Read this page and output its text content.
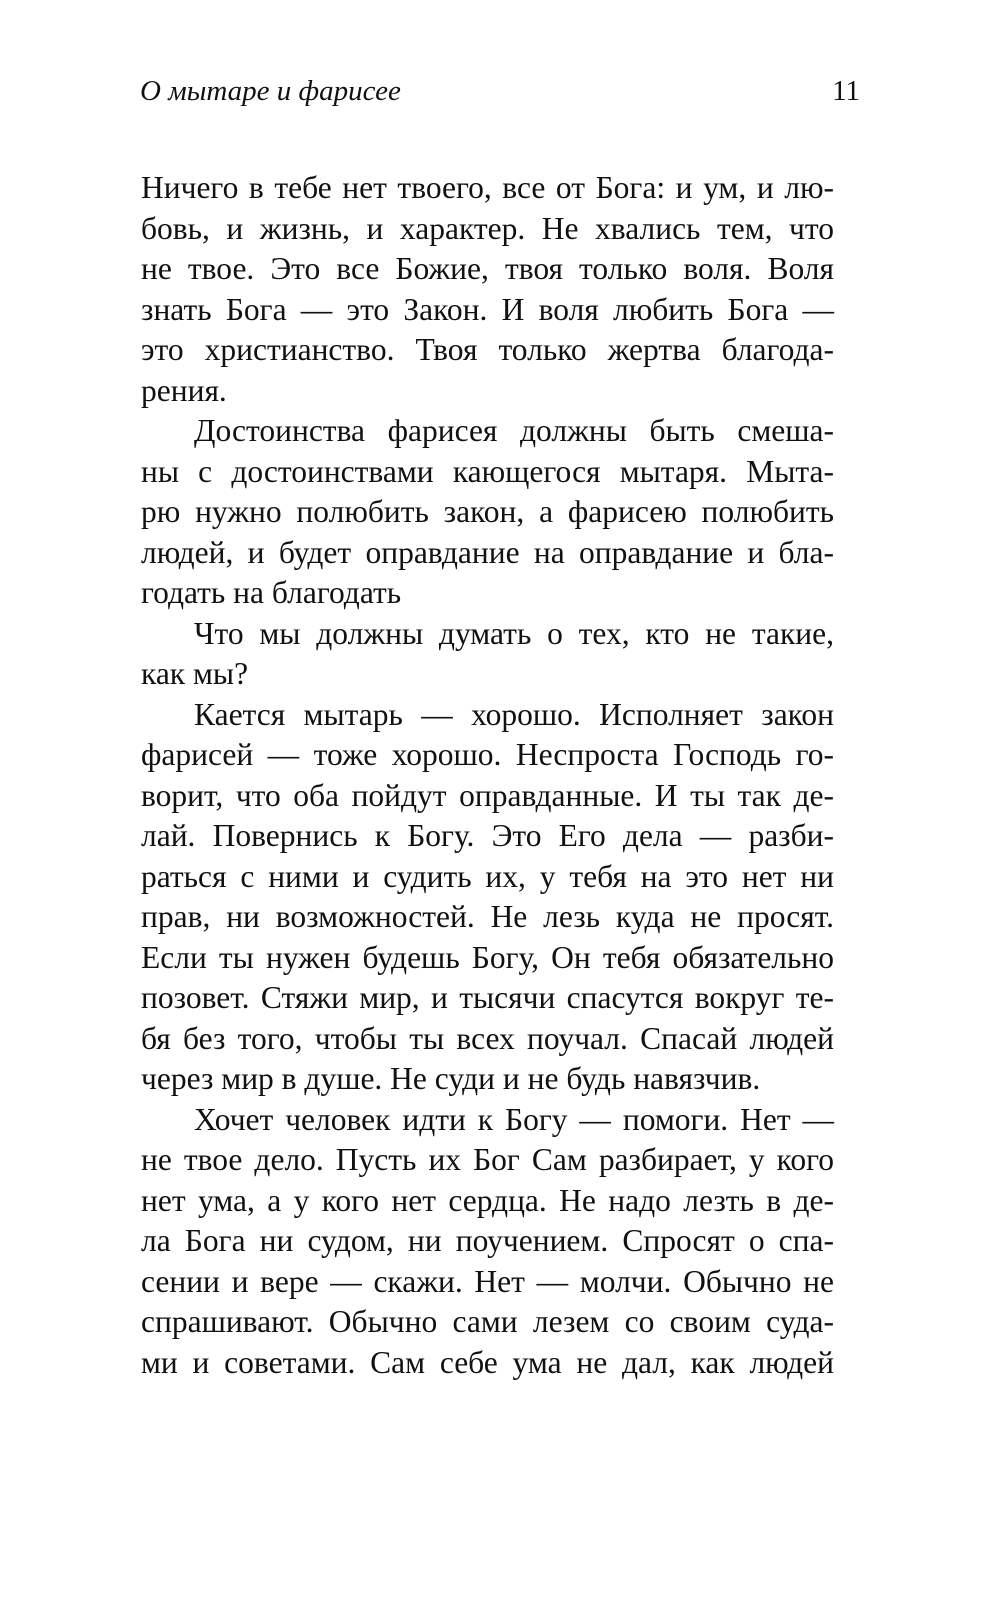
О мытаре и фарисее	11
Ничего в тебе нет твоего, все от Бога: и ум, и лю-
бовь, и жизнь, и характер. Не хвались тем, что
не твое. Это все Божие, твоя только воля. Воля
знать Бога — это Закон. И воля любить Бога —
это христианство. Твоя только жертва благода-
рения.
Достоинства фарисея должны быть смеша-
ны с достоинствами кающегося мытаря. Мыта-
рю нужно полюбить закон, а фарисею полюбить
людей, и будет оправдание на оправдание и бла-
годать на благодать
Что мы должны думать о тех, кто не такие,
как мы?
Кается мытарь — хорошо. Исполняет закон
фарисей — тоже хорошо. Неспроста Господь го-
ворит, что оба пойдут оправданные. И ты так де-
лай. Повернись к Богу. Это Его дела — разби-
раться с ними и судить их, у тебя на это нет ни
прав, ни возможностей. Не лезь куда не просят.
Если ты нужен будешь Богу, Он тебя обязательно
позовет. Стяжи мир, и тысячи спасутся вокруг те-
бя без того, чтобы ты всех поучал. Спасай людей
через мир в душе. Не суди и не будь навязчив.
Хочет человек идти к Богу — помоги. Нет —
не твое дело. Пусть их Бог Сам разбирает, у кого
нет ума, а у кого нет сердца. Не надо лезть в де-
ла Бога ни судом, ни поучением. Спросят о спа-
сении и вере — скажи. Нет — молчи. Обычно не
спрашивают. Обычно сами лезем со своим суда-
ми и советами. Сам себе ума не дал, как людей
